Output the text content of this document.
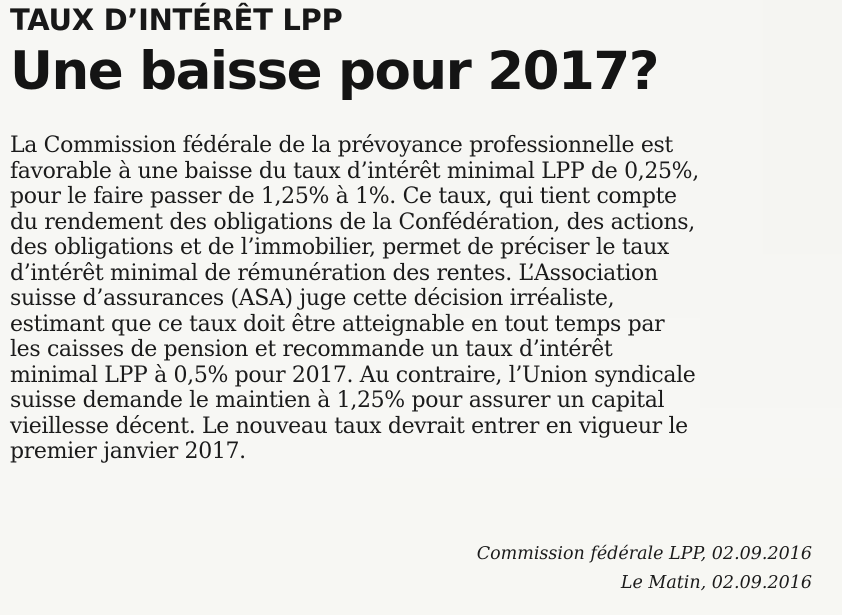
TAUX D’INTÉRÊT LPP
Une baisse pour 2017?

La Commission fédérale de la prévoyance professionnelle est
favorable à une baisse du taux d’intérêt minimal LPP de 0,25%,
pour le faire passer de 1,25% à 1%. Ce taux, qui tient compte
du rendement des obligations de la Confédération, des actions,
des obligations et de l’immobilier, permet de préciser le taux
d’intérêt minimal de rémunération des rentes. L’Association
suisse d’assurances (ASA) juge cette décision irréaliste,
estimant que ce taux doit être atteignable en tout temps par
les caisses de pension et recommande un taux d’intérêt
minimal LPP à 0,5% pour 2017. Au contraire, l’Union syndicale
suisse demande le maintien à 1,25% pour assurer un capital
vieillesse décent. Le nouveau taux devrait entrer en vigueur le
premier janvier 2017.

Commission fédérale LPP, 02.09.2016
Le Matin, 02.09.2016
